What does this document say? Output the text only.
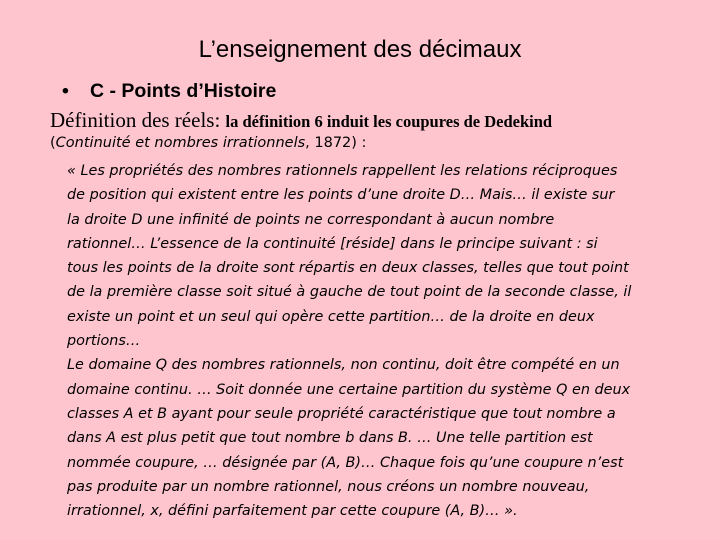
L’enseignement des décimaux
• C - Points d’Histoire
Définition des réels: la définition 6 induit les coupures de Dedekind
(Continuité et nombres irrationnels, 1872) :

« Les propriétés des nombres rationnels rappellent les relations réciproques

de position qui existent entre les points d’une droite D… Mais… il existe sur

la droite D une infinité de points ne correspondant à aucun nombre

rationnel… L’essence de la continuité [réside] dans le principe suivant : si

tous les points de la droite sont répartis en deux classes, telles que tout point

de la première classe soit situé à gauche de tout point de la seconde classe, il

existe un point et un seul qui opère cette partition… de la droite en deux

portions…

Le domaine Q des nombres rationnels, non continu, doit être compété en un

domaine continu. … Soit donnée une certaine partition du système Q en deux

classes A et B ayant pour seule propriété caractéristique que tout nombre a

dans A est plus petit que tout nombre b dans B. … Une telle partition est

nommée coupure, … désignée par (A, B)… Chaque fois qu’une coupure n’est

pas produite par un nombre rationnel, nous créons un nombre nouveau,

irrationnel, x, défini parfaitement par cette coupure (A, B)… ».
